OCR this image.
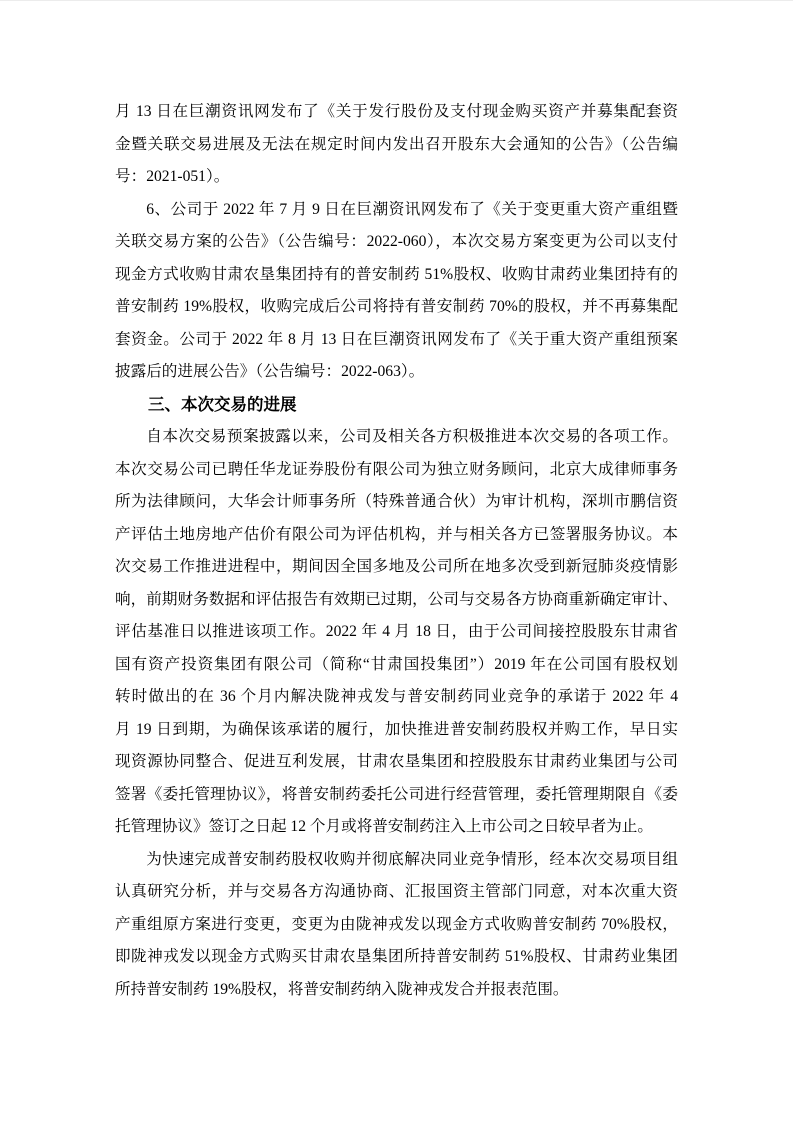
月 13 日在巨潮资讯网发布了《关于发行股份及支付现金购买资产并募集配套资
金暨关联交易进展及无法在规定时间内发出召开股东大会通知的公告》（公告编
号：2021-051）。
6、公司于 2022 年 7 月 9 日在巨潮资讯网发布了《关于变更重大资产重组暨
关联交易方案的公告》（公告编号：2022-060），本次交易方案变更为公司以支付
现金方式收购甘肃农垦集团持有的普安制药 51%股权、收购甘肃药业集团持有的
普安制药 19%股权，收购完成后公司将持有普安制药 70%的股权，并不再募集配
套资金。公司于 2022 年 8 月 13 日在巨潮资讯网发布了《关于重大资产重组预案
披露后的进展公告》（公告编号：2022-063）。
三、本次交易的进展
自本次交易预案披露以来，公司及相关各方积极推进本次交易的各项工作。
本次交易公司已聘任华龙证券股份有限公司为独立财务顾问，北京大成律师事务
所为法律顾问，大华会计师事务所（特殊普通合伙）为审计机构，深圳市鹏信资
产评估土地房地产估价有限公司为评估机构，并与相关各方已签署服务协议。本
次交易工作推进进程中，期间因全国多地及公司所在地多次受到新冠肺炎疫情影
响，前期财务数据和评估报告有效期已过期，公司与交易各方协商重新确定审计、
评估基准日以推进该项工作。2022 年 4 月 18 日，由于公司间接控股股东甘肃省
国有资产投资集团有限公司（简称“甘肃国投集团”）2019 年在公司国有股权划
转时做出的在 36 个月内解决陇神戎发与普安制药同业竞争的承诺于 2022 年 4
月 19 日到期，为确保该承诺的履行，加快推进普安制药股权并购工作，早日实
现资源协同整合、促进互利发展，甘肃农垦集团和控股股东甘肃药业集团与公司
签署《委托管理协议》，将普安制药委托公司进行经营管理，委托管理期限自《委
托管理协议》签订之日起 12 个月或将普安制药注入上市公司之日较早者为止。
为快速完成普安制药股权收购并彻底解决同业竞争情形，经本次交易项目组
认真研究分析，并与交易各方沟通协商、汇报国资主管部门同意，对本次重大资
产重组原方案进行变更，变更为由陇神戎发以现金方式收购普安制药 70%股权，
即陇神戎发以现金方式购买甘肃农垦集团所持普安制药 51%股权、甘肃药业集团
所持普安制药 19%股权，将普安制药纳入陇神戎发合并报表范围。
